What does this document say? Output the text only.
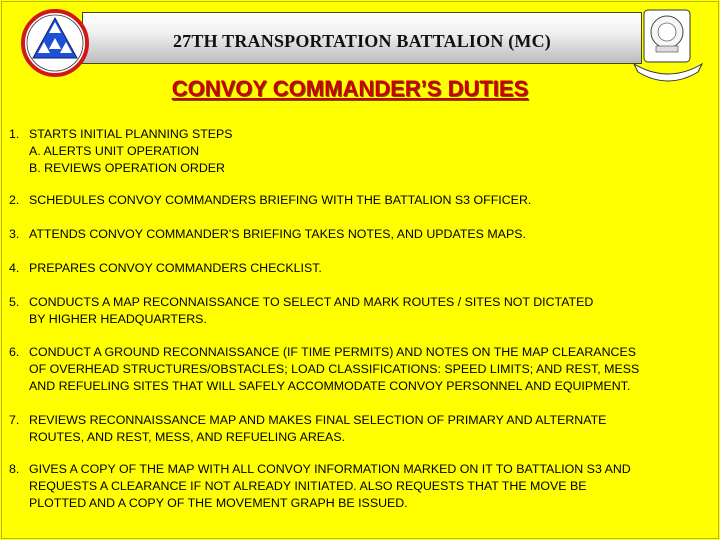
27TH TRANSPORTATION BATTALION (MC)
CONVOY COMMANDER’S DUTIES
1. STARTS INITIAL PLANNING STEPS
A. ALERTS UNIT OPERATION
B. REVIEWS OPERATION ORDER
2. SCHEDULES CONVOY COMMANDERS BRIEFING WITH THE BATTALION S3 OFFICER.
3. ATTENDS CONVOY COMMANDER'S BRIEFING TAKES NOTES, AND UPDATES MAPS.
4. PREPARES CONVOY COMMANDERS CHECKLIST.
5. CONDUCTS A MAP RECONNAISSANCE TO SELECT AND MARK ROUTES / SITES NOT DICTATED
BY HIGHER HEADQUARTERS.
6. CONDUCT A GROUND RECONNAISSANCE (IF TIME PERMITS) AND NOTES ON THE MAP CLEARANCES
OF OVERHEAD STRUCTURES/OBSTACLES; LOAD CLASSIFICATIONS: SPEED LIMITS; AND REST, MESS
AND REFUELING SITES THAT WILL SAFELY ACCOMMODATE CONVOY PERSONNEL AND EQUIPMENT.
7. REVIEWS RECONNAISSANCE MAP AND MAKES FINAL SELECTION OF PRIMARY AND ALTERNATE
ROUTES, AND REST, MESS, AND REFUELING AREAS.
8. GIVES A COPY OF THE MAP WITH ALL CONVOY INFORMATION MARKED ON IT TO BATTALION S3 AND
REQUESTS A CLEARANCE IF NOT ALREADY INITIATED. ALSO REQUESTS THAT THE MOVE BE
PLOTTED AND A COPY OF THE MOVEMENT GRAPH BE ISSUED.
